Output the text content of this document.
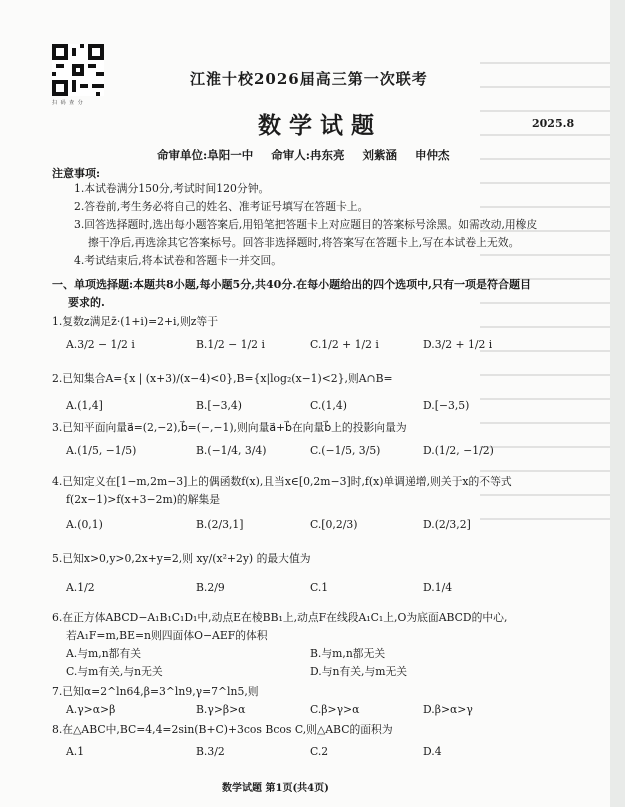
扫 码 查 分
江淮十校2026届高三第一次联考
数学试题	2025.8
命审单位:阜阳一中 命审人:冉东亮 刘紫涵 申仲杰
注意事项:
1.本试卷满分150分,考试时间120分钟。
2.答卷前,考生务必将自己的姓名、准考证号填写在答题卡上。
3.回答选择题时,选出每小题答案后,用铅笔把答题卡上对应题目的答案标号涂黑。如需改动,用橡皮
擦干净后,再选涂其它答案标号。回答非选择题时,将答案写在答题卡上,写在本试卷上无效。
4.考试结束后,将本试卷和答题卡一并交回。
一、单项选择题:本题共8小题,每小题5分,共40分.在每小题给出的四个选项中,只有一项是符合题目
要求的.
1.复数z满足z̄·(1+i)=2+i,则z等于
A.3/2 − 1/2 i	B.1/2 − 1/2 i	C.1/2 + 1/2 i	D.3/2 + 1/2 i
2.已知集合A={x | (x+3)/(x−4)<0},B={x|log₂(x−1)<2},则A∩B=
A.(1,4]	B.[−3,4)	C.(1,4)	D.[−3,5)
3.已知平面向量a⃗=(2,−2),b⃗=(−,−1),则向量a⃗+b⃗在向量b⃗上的投影向量为
A.(1/5, −1/5)	B.(−1/4, 3/4)	C.(−1/5, 3/5)	D.(1/2, −1/2)
4.已知定义在[1−m,2m−3]上的偶函数f(x),且当x∈[0,2m−3]时,f(x)单调递增,则关于x的不等式
f(2x−1)>f(x+3−2m)的解集是
A.(0,1)	B.(2/3,1]	C.[0,2/3)	D.(2/3,2]
5.已知x>0,y>0,2x+y=2,则 xy/(x²+2y) 的最大值为
A.1/2	B.2/9	C.1	D.1/4
6.在正方体ABCD−A₁B₁C₁D₁中,动点E在棱BB₁上,动点F在线段A₁C₁上,O为底面ABCD的中心,
若A₁F=m,BE=n则四面体O−AEF的体积
A.与m,n都有关	B.与m,n都无关
C.与m有关,与n无关	D.与n有关,与m无关
7.已知α=2^ln64,β=3^ln9,γ=7^ln5,则
A.γ>α>β	B.γ>β>α	C.β>γ>α	D.β>α>γ
8.在△ABC中,BC=4,4=2sin(B+C)+3cos Bcos C,则△ABC的面积为
A.1	B.3/2	C.2	D.4
数学试题 第1页(共4页)
